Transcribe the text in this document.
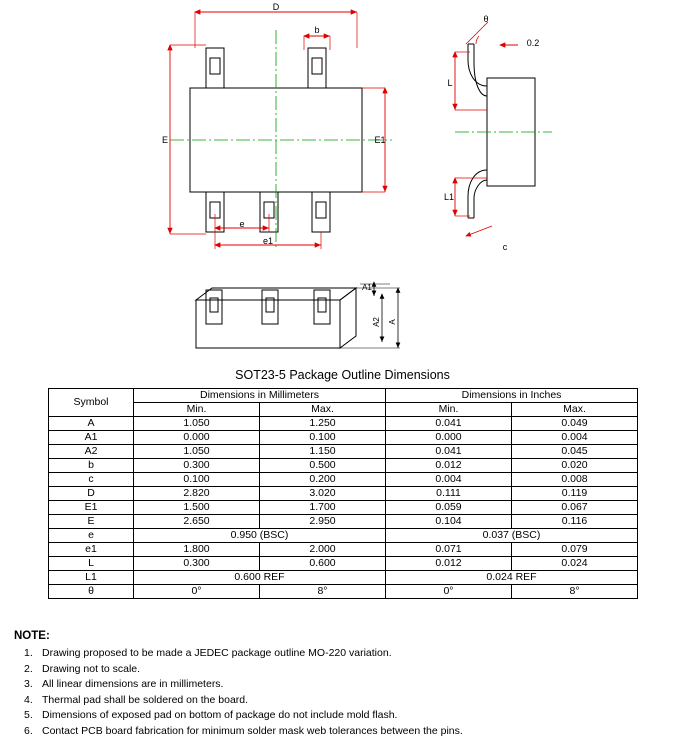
D
b
E	E1
e
e1
θ
0.2
L
L1
c
A
A2
A1
SOT23-5 Package Outline Dimensions
Symbol	Dimensions in Millimeters		Dimensions in Inches	
	Min.	Max.	Min.	Max.
A	1.050	1.250	0.041	0.049
A1	0.000	0.100	0.000	0.004
A2	1.050	1.150	0.041	0.045
b	0.300	0.500	0.012	0.020
c	0.100	0.200	0.004	0.008
D	2.820	3.020	0.111	0.119
E1	1.500	1.700	0.059	0.067
E	2.650	2.950	0.104	0.116
e	0.950 (BSC)		0.037 (BSC)	
e1	1.800	2.000	0.071	0.079
L	0.300	0.600	0.012	0.024
L1	0.600 REF		0.024 REF	
θ	0°	8°	0°	8°
NOTE:
1. Drawing proposed to be made a JEDEC package outline MO-220 variation.
2. Drawing not to scale.
3. All linear dimensions are in millimeters.
4. Thermal pad shall be soldered on the board.
5. Dimensions of exposed pad on bottom of package do not include mold flash.
6. Contact PCB board fabrication for minimum solder mask web tolerances between the pins.
